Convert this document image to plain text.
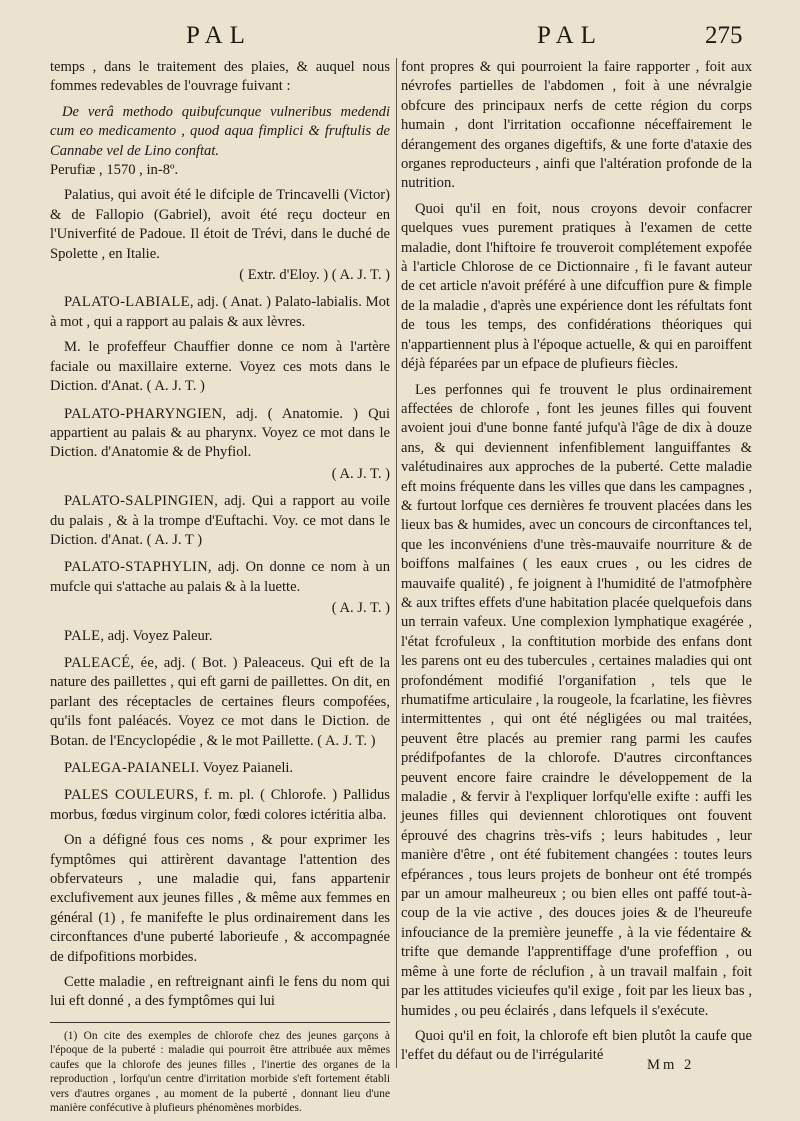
PAL	PAL	275

temps , dans le traitement des plaies, & auquel nous fommes redevables de l'ouvrage fuivant :

De verâ methodo quibufcunque vulneribus medendi cum eo medicamento , quod aqua fimplici & fruftulis de Cannabe vel de Lino conftat.

Perufiæ , 1570 , in-8º.

Palatius, qui avoit été le difciple de Trincavelli (Victor) & de Fallopio (Gabriel), avoit été reçu docteur en l'Univerfité de Padoue. Il étoit de Trévi, dans le duché de Spolette , en Italie.

( Extr. d'Eloy. ) ( A. J. T. )

PALATO-LABIALE, adj. ( Anat. ) Palato-labialis. Mot à mot , qui a rapport au palais & aux lèvres.

M. le profeffeur Chauffier donne ce nom à l'artère faciale ou maxillaire externe. Voyez ces mots dans le Diction. d'Anat. ( A. J. T. )

PALATO-PHARYNGIEN, adj. ( Anatomie. ) Qui appartient au palais & au pharynx. Voyez ce mot dans le Diction. d'Anatomie & de Phyfiol.

( A. J. T. )

PALATO-SALPINGIEN, adj. Qui a rapport au voile du palais , & à la trompe d'Euftachi. Voy. ce mot dans le Diction. d'Anat. ( A. J. T )

PALATO-STAPHYLIN, adj. On donne ce nom à un mufcle qui s'attache au palais & à la luette.

( A. J. T. )

PALE, adj. Voyez Paleur.

PALEACÉ, ée, adj. ( Bot. ) Paleaceus. Qui eft de la nature des paillettes , qui eft garni de paillettes. On dit, en parlant des réceptacles de certaines fleurs compofées, qu'ils font paléacés. Voyez ce mot dans le Diction. de Botan. de l'Encyclopédie , & le mot Paillette. ( A. J. T. )

PALEGA-PAIANELI. Voyez Paianeli.

PALES COULEURS, f. m. pl. ( Chlorofe. ) Pallidus morbus, fœdus virginum color, fœdi colores ictéritia alba.

On a défigné fous ces noms , & pour exprimer les fymptômes qui attirèrent davantage l'attention des obfervateurs , une maladie qui, fans appartenir exclufivement aux jeunes filles , & même aux femmes en général (1) , fe manifefte le plus ordinairement dans les circonftances d'une puberté laborieufe , & accompagnée de difpofitions morbides.

Cette maladie , en reftreignant ainfi le fens du nom qui lui eft donné , a des fymptômes qui lui

(1) On cite des exemples de chlorofe chez des jeunes garçons à l'époque de la puberté : maladie qui pourroit être attribuée aux mêmes caufes que la chlorofe des jeunes filles , l'inertie des organes de la reproduction , lorfqu'un centre d'irritation morbide s'eft fortement établi vers d'autres organes , au moment de la puberté , donnant lieu d'une manière confécutive à plufieurs phénomènes morbides.

font propres & qui pourroient la faire rapporter , foit aux névrofes partielles de l'abdomen , foit à une névralgie obfcure des principaux nerfs de cette région du corps humain , dont l'irritation occafionne néceffairement le dérangement des organes digeftifs, & une forte d'ataxie des organes reproducteurs , ainfi que l'altération profonde de la nutrition.

Quoi qu'il en foit, nous croyons devoir confacrer quelques vues purement pratiques à l'examen de cette maladie, dont l'hiftoire fe trouveroit complétement expofée à l'article Chlorose de ce Dictionnaire , fi le favant auteur de cet article n'avoit préféré à une difcuffion pure & fimple de la maladie , d'après une expérience dont les réfultats font de tous les temps, des confidérations théoriques qui n'appartiennent plus à l'époque actuelle, & qui en paroiffent déjà féparées par un efpace de plufieurs fiècles.

Les perfonnes qui fe trouvent le plus ordinairement affectées de chlorofe , font les jeunes filles qui fouvent avoient joui d'une bonne fanté jufqu'à l'âge de dix à douze ans, & qui deviennent infenfiblement languiffantes & valétudinaires aux approches de la puberté. Cette maladie eft moins fréquente dans les villes que dans les campagnes , & furtout lorfque ces dernières fe trouvent placées dans les lieux bas & humides, avec un concours de circonftances tel, que les inconvéniens d'une très-mauvaife nourriture & de boiffons malfaines ( les eaux crues , ou les cidres de mauvaife qualité) , fe joignent à l'humidité de l'atmofphère & aux triftes effets d'une habitation placée quelquefois dans un terrain vafeux. Une complexion lymphatique exagérée , l'état fcrofuleux , la conftitution morbide des enfans dont les parens ont eu des tubercules , certaines maladies qui ont profondément modifié l'organifation , tels que le rhumatifme articulaire , la rougeole, la fcarlatine, les fièvres intermittentes , qui ont été négligées ou mal traitées, peuvent être placés au premier rang parmi les caufes prédifpofantes de la chlorofe. D'autres circonftances peuvent encore faire craindre le développement de la maladie , & fervir à l'expliquer lorfqu'elle exifte : auffi les jeunes filles qui deviennent chlorotiques ont fouvent éprouvé des chagrins très-vifs ; leurs habitudes , leur manière d'être , ont été fubitement changées : toutes leurs efpérances , tous leurs projets de bonheur ont été trompés par un amour malheureux ; ou bien elles ont paffé tout-à-coup de la vie active , des douces joies & de l'heureufe infouciance de la première jeuneffe , à la vie fédentaire & trifte que demande l'apprentiffage d'une profeffion , ou même à une forte de réclufion , à un travail malfain , foit par les attitudes vicieufes qu'il exige , foit par les lieux bas , humides , ou peu éclairés , dans lefquels il s'exécute.

Quoi qu'il en foit, la chlorofe eft bien plutôt la caufe que l'effet du défaut ou de l'irrégularité

Mm 2
